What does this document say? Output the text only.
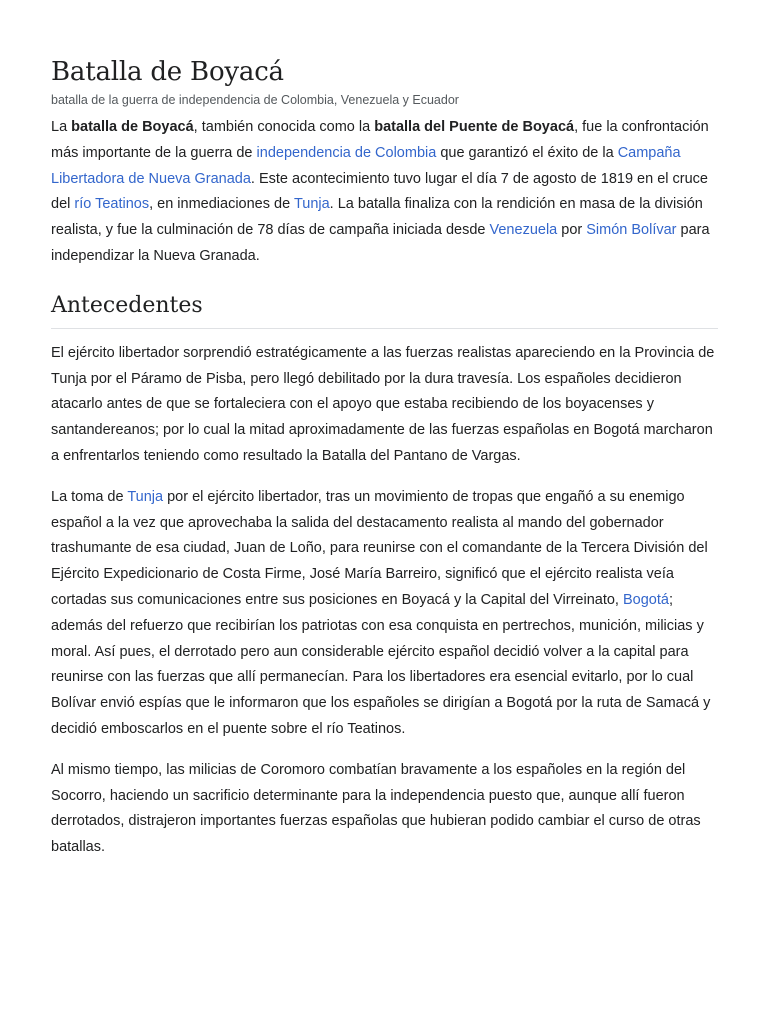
Batalla de Boyacá
batalla de la guerra de independencia de Colombia, Venezuela y Ecuador

La batalla de Boyacá, también conocida como la batalla del Puente de Boyacá, fue la confrontación más importante de la guerra de independencia de Colombia que garantizó el éxito de la Campaña Libertadora de Nueva Granada. Este acontecimiento tuvo lugar el día 7 de agosto de 1819 en el cruce del río Teatinos, en inmediaciones de Tunja. La batalla finaliza con la rendición en masa de la división realista, y fue la culminación de 78 días de campaña iniciada desde Venezuela por Simón Bolívar para independizar la Nueva Granada.

Antecedentes

El ejército libertador sorprendió estratégicamente a las fuerzas realistas apareciendo en la Provincia de Tunja por el Páramo de Pisba, pero llegó debilitado por la dura travesía. Los españoles decidieron atacarlo antes de que se fortaleciera con el apoyo que estaba recibiendo de los boyacenses y santandereanos; por lo cual la mitad aproximadamente de las fuerzas españolas en Bogotá marcharon a enfrentarlos teniendo como resultado la Batalla del Pantano de Vargas.

La toma de Tunja por el ejército libertador, tras un movimiento de tropas que engañó a su enemigo español a la vez que aprovechaba la salida del destacamento realista al mando del gobernador trashumante de esa ciudad, Juan de Loño, para reunirse con el comandante de la Tercera División del Ejército Expedicionario de Costa Firme, José María Barreiro, significó que el ejército realista veía cortadas sus comunicaciones entre sus posiciones en Boyacá y la Capital del Virreinato, Bogotá; además del refuerzo que recibirían los patriotas con esa conquista en pertrechos, munición, milicias y moral. Así pues, el derrotado pero aun considerable ejército español decidió volver a la capital para reunirse con las fuerzas que allí permanecían. Para los libertadores era esencial evitarlo, por lo cual Bolívar envió espías que le informaron que los españoles se dirigían a Bogotá por la ruta de Samacá y decidió emboscarlos en el puente sobre el río Teatinos.

Al mismo tiempo, las milicias de Coromoro combatían bravamente a los españoles en la región del Socorro, haciendo un sacrificio determinante para la independencia puesto que, aunque allí fueron derrotados, distrajeron importantes fuerzas españolas que hubieran podido cambiar el curso de otras batallas.
